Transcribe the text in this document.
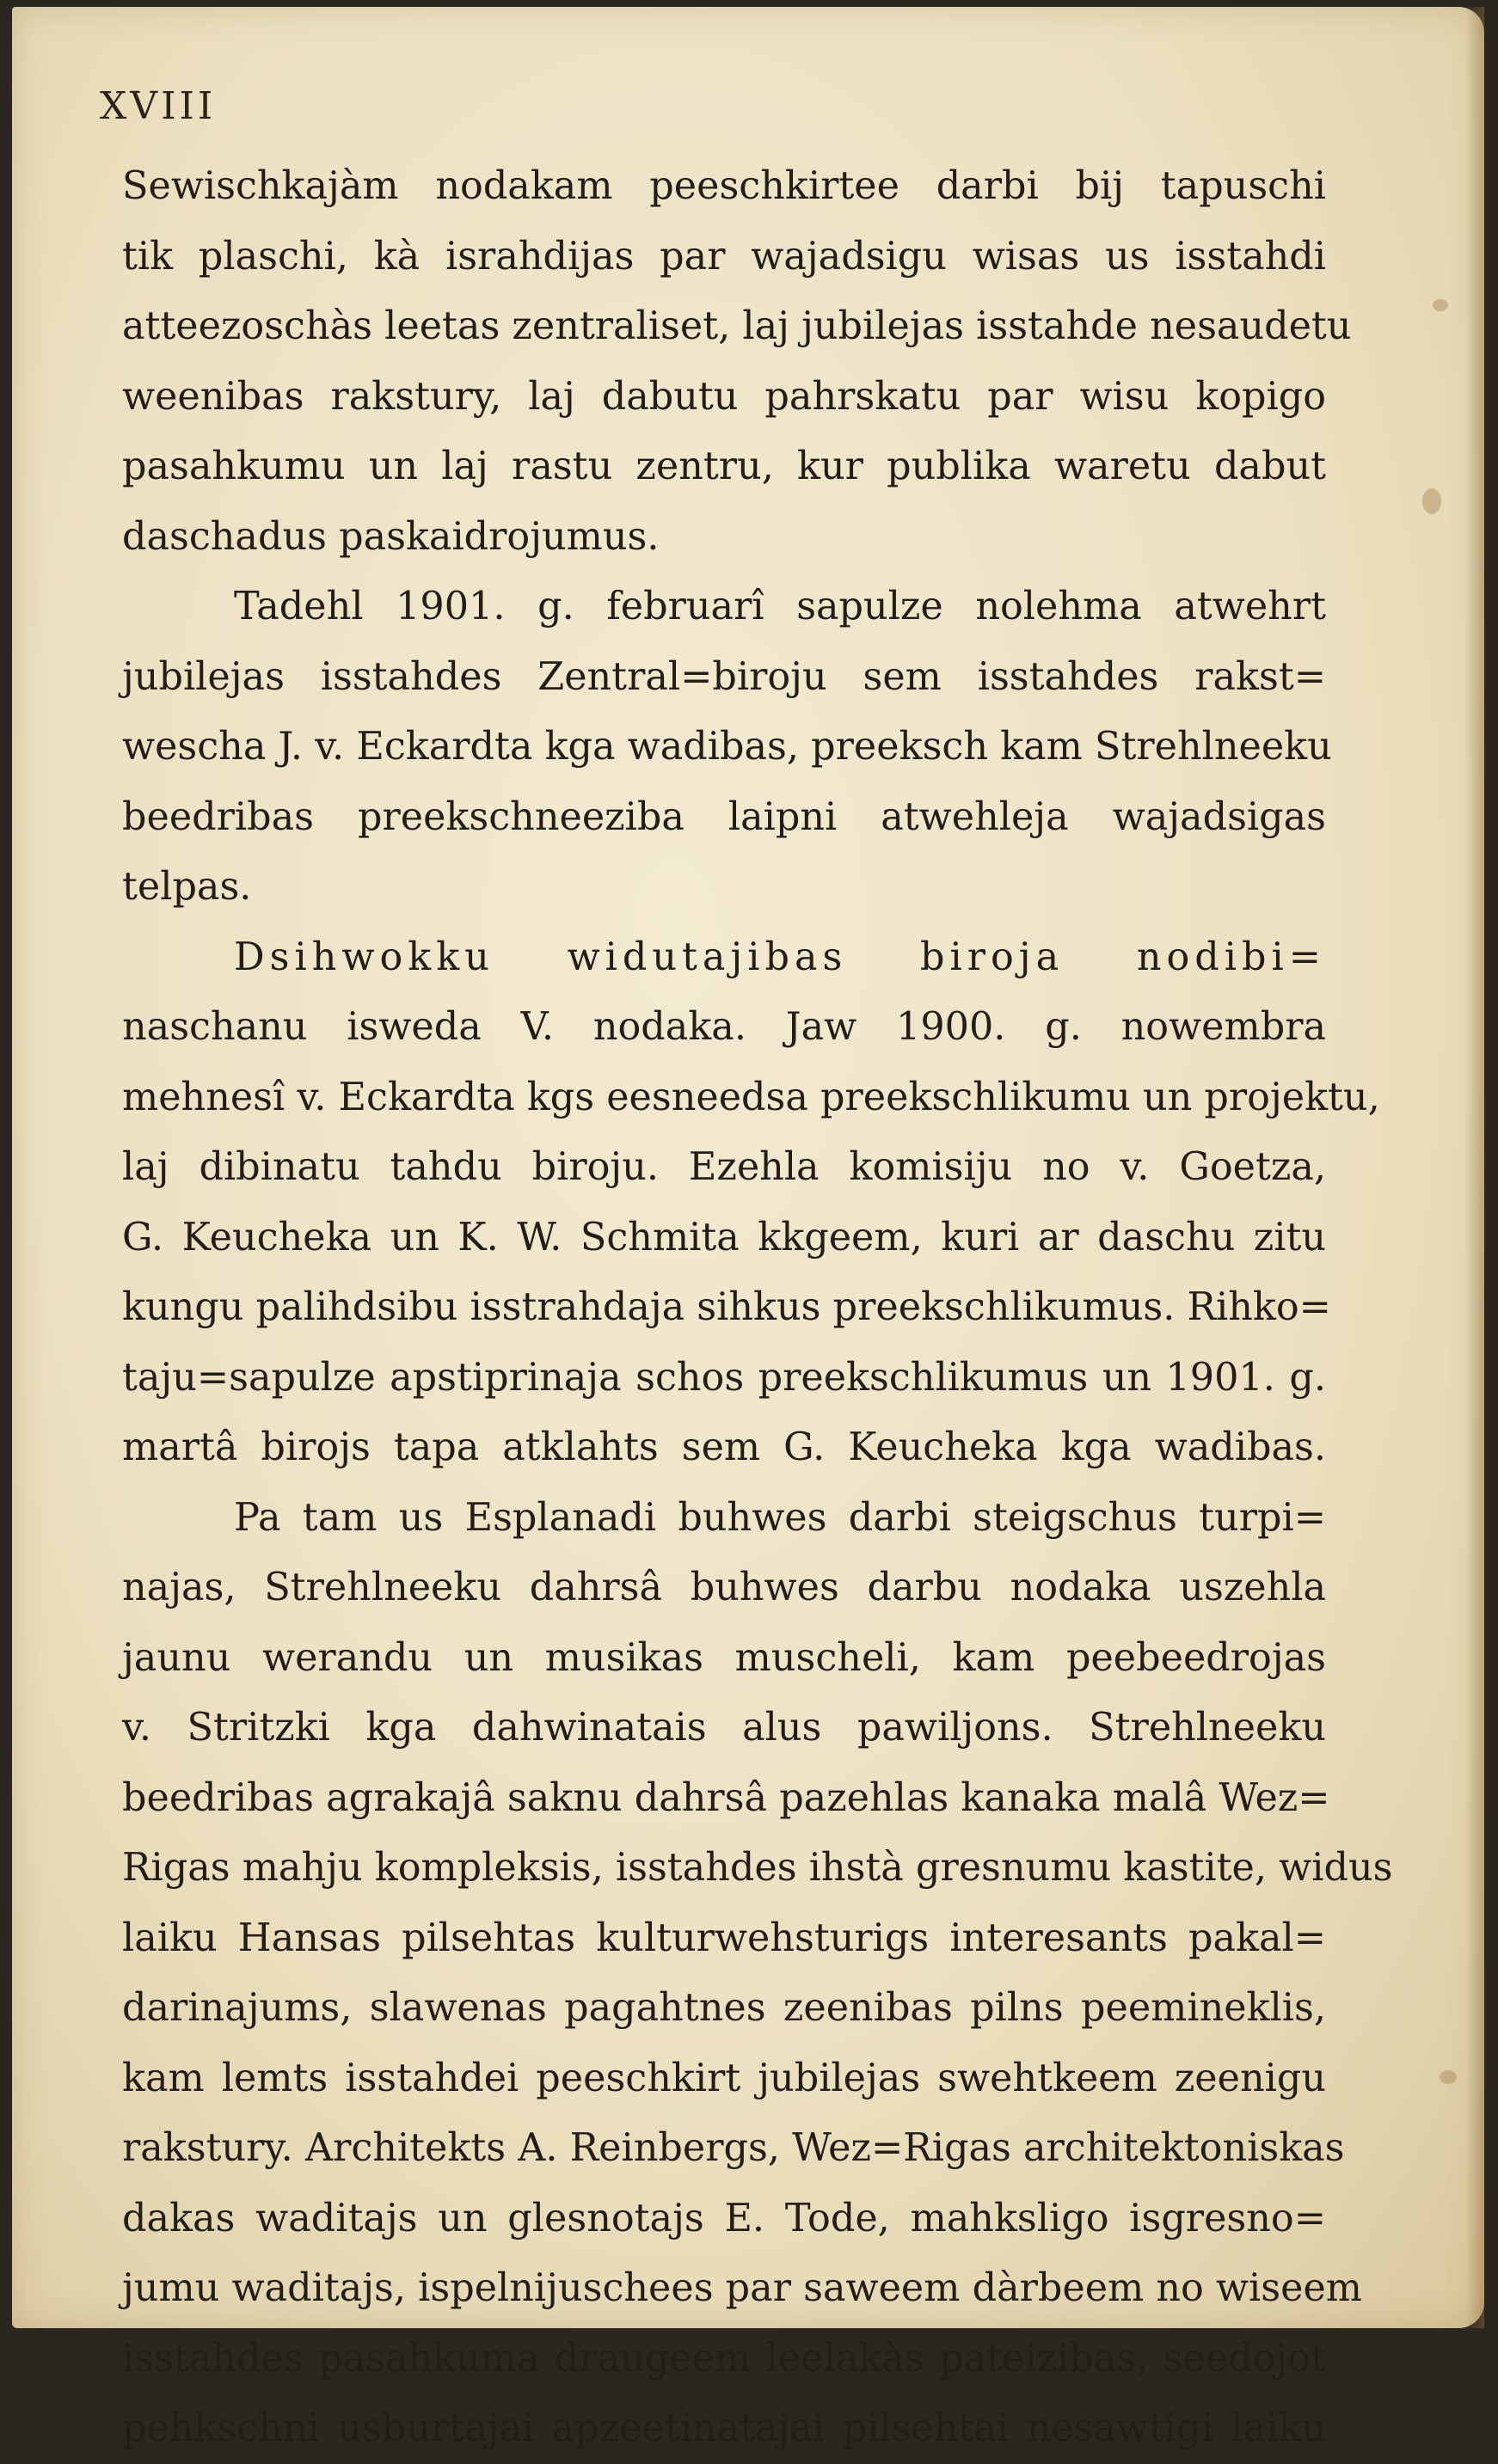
XVIII
Sewischkajàm nodakam peeschkirtee darbi bij tapuschi
tik plaschi, kà israhdijas par wajadsigu wisas us isstahdi
atteezoschàs leetas zentraliset, laj jubilejas isstahde nesaudetu
weenibas rakstury, laj dabutu pahrskatu par wisu kopigo
pasahkumu un laj rastu zentru, kur publika waretu dabut
daschadus paskaidrojumus.
Tadehl 1901. g. februarî sapulze nolehma atwehrt
jubilejas isstahdes Zentral=biroju sem isstahdes rakst=
wescha J. v. Eckardta kga wadibas, preeksch kam Strehlneeku
beedribas preekschneeziba laipni atwehleja wajadsigas
telpas.
Dsihwokku widutajibas biroja nodibi=
naschanu isweda V. nodaka. Jaw 1900. g. nowembra
mehnesî v. Eckardta kgs eesneedsa preekschlikumu un projektu,
laj dibinatu tahdu biroju. Ezehla komisiju no v. Goetza,
G. Keucheka un K. W. Schmita kkgeem, kuri ar daschu zitu
kungu palihdsibu isstrahdaja sihkus preekschlikumus. Rihko=
taju=sapulze apstiprinaja schos preekschlikumus un 1901. g.
martâ birojs tapa atklahts sem G. Keucheka kga wadibas.
Pa tam us Esplanadi buhwes darbi steigschus turpi=
najas, Strehlneeku dahrsâ buhwes darbu nodaka uszehla
jaunu werandu un musikas muscheli, kam peebeedrojas
v. Stritzki kga dahwinatais alus pawiljons. Strehlneeku
beedribas agrakajâ saknu dahrsâ pazehlas kanaka malâ Wez=
Rigas mahju kompleksis, isstahdes ihstà gresnumu kastite, widus
laiku Hansas pilsehtas kulturwehsturigs interesants pakal=
darinajums, slawenas pagahtnes zeenibas pilns peemineklis,
kam lemts isstahdei peeschkirt jubilejas swehtkeem zeenigu
rakstury. Architekts A. Reinbergs, Wez=Rigas architektoniskas
dakas waditajs un glesnotajs E. Tode, mahksligo isgresno=
jumu waditajs, ispelnijuschees par saweem dàrbeem no wiseem
isstahdes pasahkuma draugeem leelakàs pateizibas, seedojot
pehkschni usburtajai apzeetinatajai pilsehtai nesawtigi laiku
